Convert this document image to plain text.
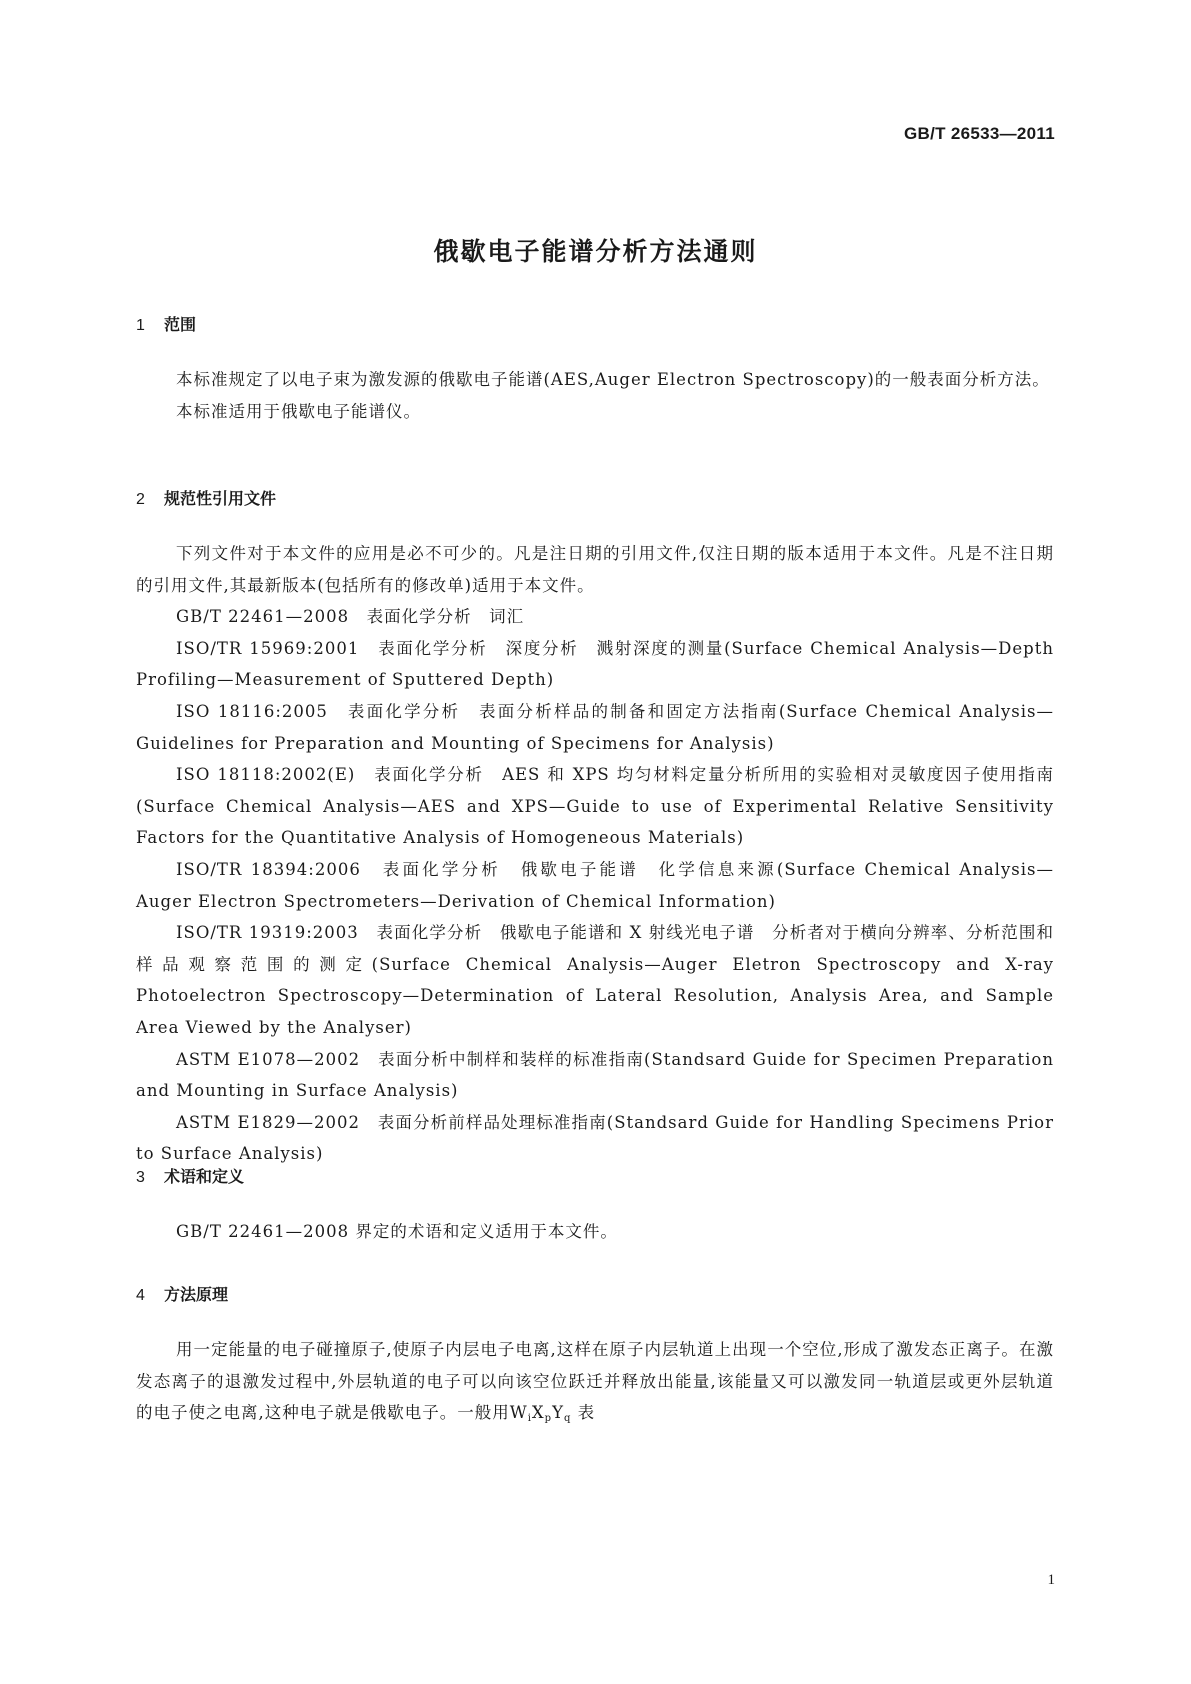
GB/T 26533—2011
俄歇电子能谱分析方法通则
1 范围

本标准规定了以电子束为激发源的俄歇电子能谱(AES,Auger Electron Spectroscopy)的一般表面分析方法。

本标准适用于俄歇电子能谱仪。

2 规范性引用文件

下列文件对于本文件的应用是必不可少的。凡是注日期的引用文件,仅注日期的版本适用于本文件。凡是不注日期的引用文件,其最新版本(包括所有的修改单)适用于本文件。

GB/T 22461—2008　表面化学分析　词汇

ISO/TR 15969:2001　表面化学分析　深度分析　溅射深度的测量(Surface Chemical Analysis—Depth Profiling—Measurement of Sputtered Depth)

ISO 18116:2005　表面化学分析　表面分析样品的制备和固定方法指南(Surface Chemical Analysis—Guidelines for Preparation and Mounting of Specimens for Analysis)

ISO 18118:2002(E)　表面化学分析　AES 和 XPS 均匀材料定量分析所用的实验相对灵敏度因子使用指南(Surface Chemical Analysis—AES and XPS—Guide to use of Experimental Relative Sensitivity Factors for the Quantitative Analysis of Homogeneous Materials)

ISO/TR 18394:2006　表面化学分析　俄歇电子能谱　化学信息来源(Surface Chemical Analysis—Auger Electron Spectrometers—Derivation of Chemical Information)

ISO/TR 19319:2003　表面化学分析　俄歇电子能谱和 X 射线光电子谱　分析者对于横向分辨率、分析范围和样品观察范围的测定(Surface Chemical Analysis—Auger Eletron Spectroscopy and X-ray Photoelectron Spectroscopy—Determination of Lateral Resolution, Analysis Area, and Sample Area Viewed by the Analyser)

ASTM E1078—2002　表面分析中制样和装样的标准指南(Standsard Guide for Specimen Preparation and Mounting in Surface Analysis)

ASTM E1829—2002　表面分析前样品处理标准指南(Standsard Guide for Handling Specimens Prior to Surface Analysis)

3 术语和定义

GB/T 22461—2008 界定的术语和定义适用于本文件。

4 方法原理

用一定能量的电子碰撞原子,使原子内层电子电离,这样在原子内层轨道上出现一个空位,形成了激发态正离子。在激发态离子的退激发过程中,外层轨道的电子可以向该空位跃迁并释放出能量,该能量又可以激发同一轨道层或更外层轨道的电子使之电离,这种电子就是俄歇电子。一般用$W_iX_pY_q$ 表

1
